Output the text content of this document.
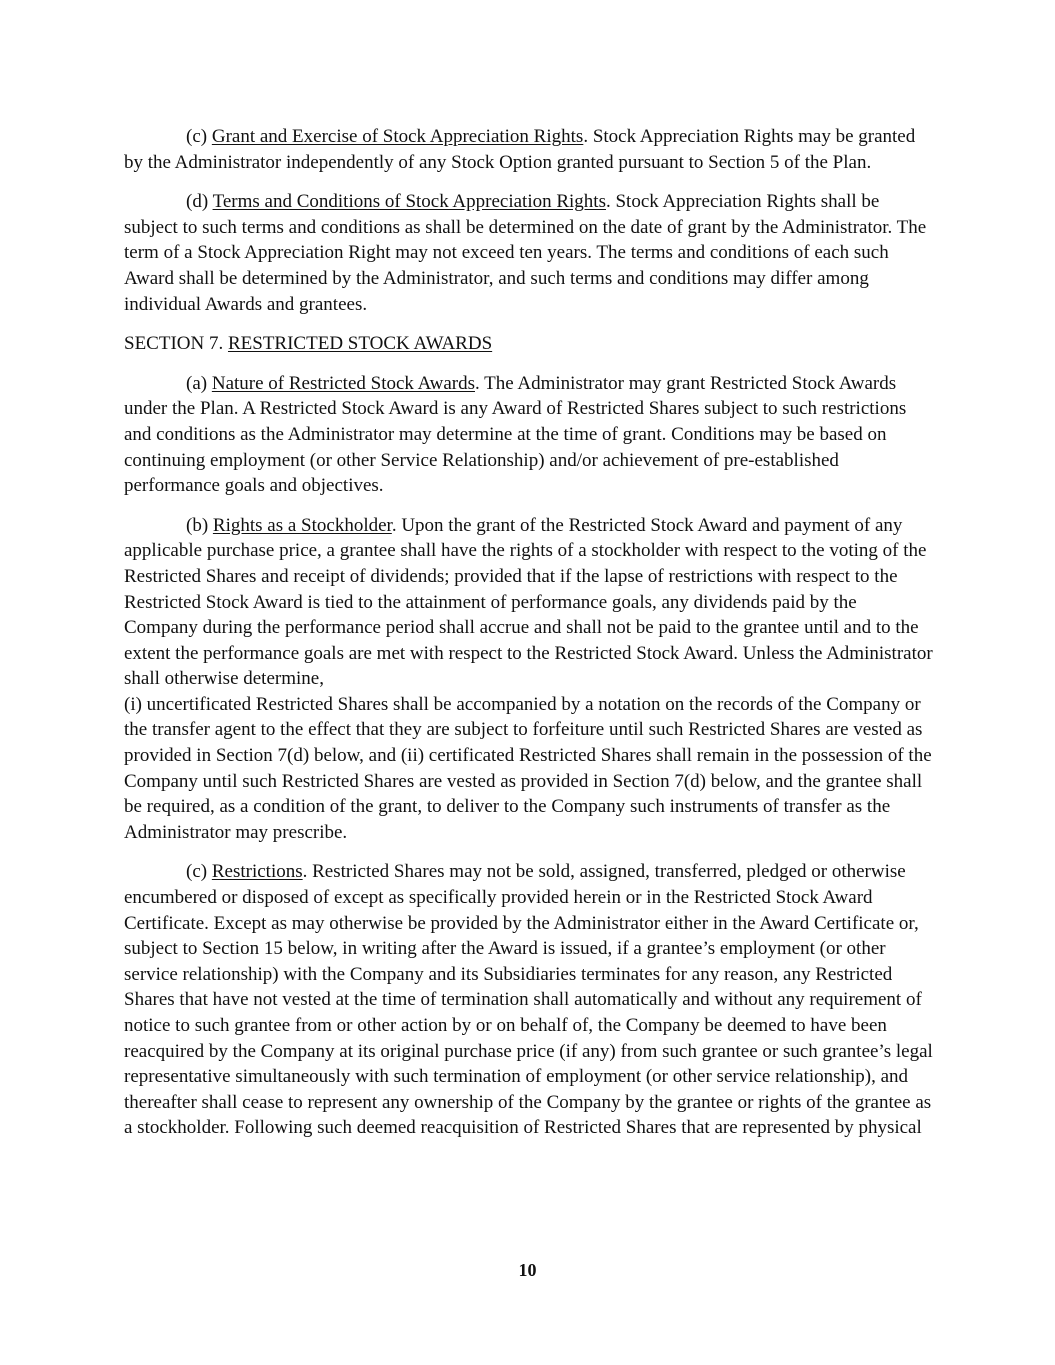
(c) Grant and Exercise of Stock Appreciation Rights. Stock Appreciation Rights may be granted by the Administrator independently of any Stock Option granted pursuant to Section 5 of the Plan.

(d) Terms and Conditions of Stock Appreciation Rights. Stock Appreciation Rights shall be subject to such terms and conditions as shall be determined on the date of grant by the Administrator. The term of a Stock Appreciation Right may not exceed ten years. The terms and conditions of each such Award shall be determined by the Administrator, and such terms and conditions may differ among individual Awards and grantees.

SECTION 7. RESTRICTED STOCK AWARDS

(a) Nature of Restricted Stock Awards. The Administrator may grant Restricted Stock Awards under the Plan. A Restricted Stock Award is any Award of Restricted Shares subject to such restrictions and conditions as the Administrator may determine at the time of grant. Conditions may be based on continuing employment (or other Service Relationship) and/or achievement of pre-established performance goals and objectives.

(b) Rights as a Stockholder. Upon the grant of the Restricted Stock Award and payment of any applicable purchase price, a grantee shall have the rights of a stockholder with respect to the voting of the Restricted Shares and receipt of dividends; provided that if the lapse of restrictions with respect to the Restricted Stock Award is tied to the attainment of performance goals, any dividends paid by the Company during the performance period shall accrue and shall not be paid to the grantee until and to the extent the performance goals are met with respect to the Restricted Stock Award. Unless the Administrator shall otherwise determine,

(i) uncertificated Restricted Shares shall be accompanied by a notation on the records of the Company or the transfer agent to the effect that they are subject to forfeiture until such Restricted Shares are vested as provided in Section 7(d) below, and (ii) certificated Restricted Shares shall remain in the possession of the Company until such Restricted Shares are vested as provided in Section 7(d) below, and the grantee shall be required, as a condition of the grant, to deliver to the Company such instruments of transfer as the Administrator may prescribe.

(c) Restrictions. Restricted Shares may not be sold, assigned, transferred, pledged or otherwise encumbered or disposed of except as specifically provided herein or in the Restricted Stock Award Certificate. Except as may otherwise be provided by the Administrator either in the Award Certificate or, subject to Section 15 below, in writing after the Award is issued, if a grantee’s employment (or other service relationship) with the Company and its Subsidiaries terminates for any reason, any Restricted Shares that have not vested at the time of termination shall automatically and without any requirement of notice to such grantee from or other action by or on behalf of, the Company be deemed to have been reacquired by the Company at its original purchase price (if any) from such grantee or such grantee’s legal representative simultaneously with such termination of employment (or other service relationship), and thereafter shall cease to represent any ownership of the Company by the grantee or rights of the grantee as a stockholder. Following such deemed reacquisition of Restricted Shares that are represented by physical

10
